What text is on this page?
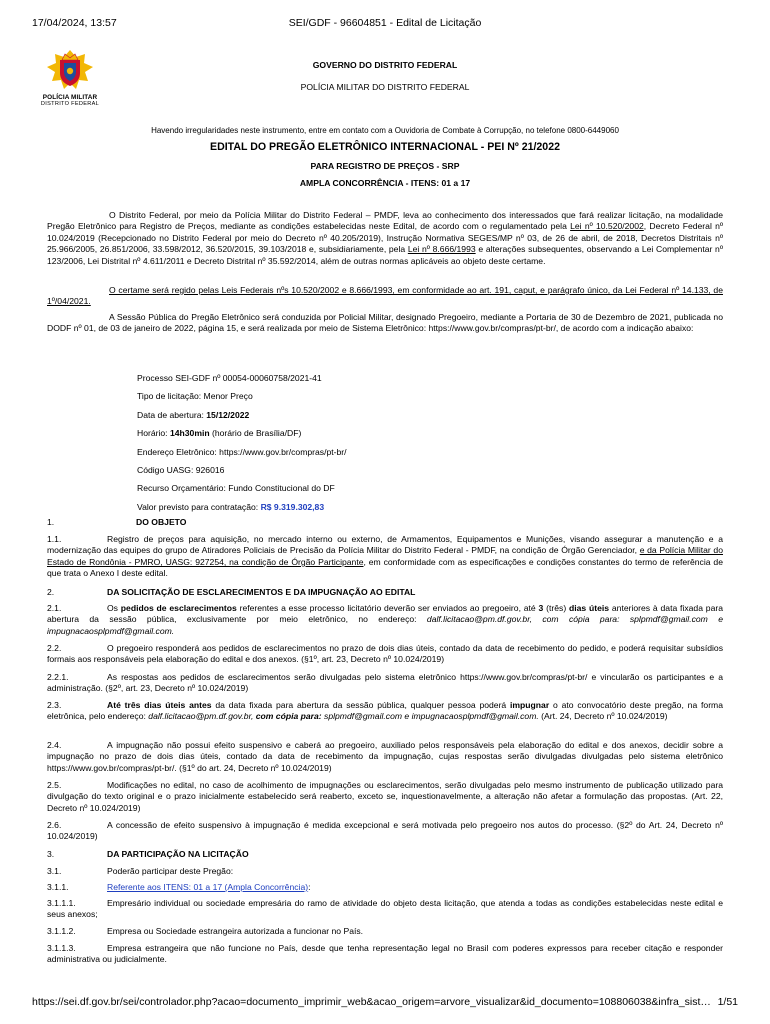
17/04/2024, 13:57	SEI/GDF - 96604851 - Edital de Licitação
POLÍCIA MILITAR
DISTRITO FEDERAL
GOVERNO DO DISTRITO FEDERAL
POLÍCIA MILITAR DO DISTRITO FEDERAL
Havendo irregularidades neste instrumento, entre em contato com a Ouvidoria de Combate à Corrupção, no telefone 0800-6449060
EDITAL DO PREGÃO ELETRÔNICO INTERNACIONAL - PEI Nº 21/2022
PARA REGISTRO DE PREÇOS - SRP
AMPLA CONCORRÊNCIA - ITENS: 01 a 17
O Distrito Federal, por meio da Polícia Militar do Distrito Federal – PMDF, leva ao conhecimento dos interessados que fará realizar licitação, na modalidade Pregão Eletrônico para Registro de Preços, mediante as condições estabelecidas neste Edital, de acordo com o regulamentado pela Lei nº 10.520/2002, Decreto Federal nº 10.024/2019 (Recepcionado no Distrito Federal por meio do Decreto nº 40.205/2019), Instrução Normativa SEGES/MP nº 03, de 26 de abril, de 2018, Decretos Distritais nº 25.966/2005, 26.851/2006, 33.598/2012, 36.520/2015, 39.103/2018 e, subsidiariamente, pela Lei nº 8.666/1993 e alterações subsequentes, observando a Lei Complementar nº 123/2006, Lei Distrital nº 4.611/2011 e Decreto Distrital nº 35.592/2014, além de outras normas aplicáveis ao objeto deste certame.
O certame será regido pelas Leis Federais nºs 10.520/2002 e 8.666/1993, em conformidade ao art. 191, caput, e parágrafo único, da Lei Federal nº 14.133, de 1º/04/2021.
A Sessão Pública do Pregão Eletrônico será conduzida por Policial Militar, designado Pregoeiro, mediante a Portaria de 30 de Dezembro de 2021, publicada no DODF nº 01, de 03 de janeiro de 2022, página 15, e será realizada por meio de Sistema Eletrônico: https://www.gov.br/compras/pt-br/, de acordo com a indicação abaixo:
Processo SEI-GDF nº 00054-00060758/2021-41
Tipo de licitação: Menor Preço
Data de abertura: 15/12/2022
Horário: 14h30min (horário de Brasília/DF)
Endereço Eletrônico: https://www.gov.br/compras/pt-br/
Código UASG: 926016
Recurso Orçamentário: Fundo Constitucional do DF
Valor previsto para contratação: R$ 9.319.302,83
1.	DO OBJETO
1.1.	Registro de preços para aquisição, no mercado interno ou externo, de Armamentos, Equipamentos e Munições, visando assegurar a manutenção e a modernização das equipes do grupo de Atiradores Policiais de Precisão da Polícia Militar do Distrito Federal - PMDF, na condição de Órgão Gerenciador, e da Polícia Militar do Estado de Rondônia - PMRO, UASG: 927254, na condição de Órgão Participante, em conformidade com as especificações e condições constantes do termo de referência de que trata o Anexo I deste edital.
2.	DA SOLICITAÇÃO DE ESCLARECIMENTOS E DA IMPUGNAÇÃO AO EDITAL
2.1.	Os pedidos de esclarecimentos referentes a esse processo licitatório deverão ser enviados ao pregoeiro, até 3 (três) dias úteis anteriores à data fixada para abertura da sessão pública, exclusivamente por meio eletrônico, no endereço: dalf.licitacao@pm.df.gov.br, com cópia para: splpmdf@gmail.com e impugnacaosplpmdf@gmail.com.
2.2.	O pregoeiro responderá aos pedidos de esclarecimentos no prazo de dois dias úteis, contado da data de recebimento do pedido, e poderá requisitar subsídios formais aos responsáveis pela elaboração do edital e dos anexos. (§1º, art. 23, Decreto nº 10.024/2019)
2.2.1.	As respostas aos pedidos de esclarecimentos serão divulgadas pelo sistema eletrônico https://www.gov.br/compras/pt-br/ e vincularão os participantes e a administração. (§2º, art. 23, Decreto nº 10.024/2019)
2.3.	Até três dias úteis antes da data fixada para abertura da sessão pública, qualquer pessoa poderá impugnar o ato convocatório deste pregão, na forma eletrônica, pelo endereço: dalf.licitacao@pm.df.gov.br, com cópia para: splpmdf@gmail.com e impugnacaosplpmdf@gmail.com. (Art. 24, Decreto nº 10.024/2019)
2.4.	A impugnação não possui efeito suspensivo e caberá ao pregoeiro, auxiliado pelos responsáveis pela elaboração do edital e dos anexos, decidir sobre a impugnação no prazo de dois dias úteis, contado da data de recebimento da impugnação, cujas respostas serão divulgadas divulgadas pelo sistema eletrônico https://www.gov.br/compras/pt-br/. (§1º do art. 24, Decreto nº 10.024/2019)
2.5.	Modificações no edital, no caso de acolhimento de impugnações ou esclarecimentos, serão divulgadas pelo mesmo instrumento de publicação utilizado para divulgação do texto original e o prazo inicialmente estabelecido será reaberto, exceto se, inquestionavelmente, a alteração não afetar a formulação das propostas. (Art. 22, Decreto nº 10.024/2019)
2.6.	A concessão de efeito suspensivo à impugnação é medida excepcional e será motivada pelo pregoeiro nos autos do processo. (§2º do Art. 24, Decreto nº 10.024/2019)
3.	DA PARTICIPAÇÃO NA LICITAÇÃO
3.1.	Poderão participar deste Pregão:
3.1.1.	Referente aos ITENS: 01 a 17 (Ampla Concorrência):
3.1.1.1.	Empresário individual ou sociedade empresária do ramo de atividade do objeto desta licitação, que atenda a todas as condições estabelecidas neste edital e seus anexos;
3.1.1.2.	Empresa ou Sociedade estrangeira autorizada a funcionar no País.
3.1.1.3.	Empresa estrangeira que não funcione no País, desde que tenha representação legal no Brasil com poderes expressos para receber citação e responder administrativa ou judicialmente.
https://sei.df.gov.br/sei/controlador.php?acao=documento_imprimir_web&acao_origem=arvore_visualizar&id_documento=108806038&infra_sist… 1/51
